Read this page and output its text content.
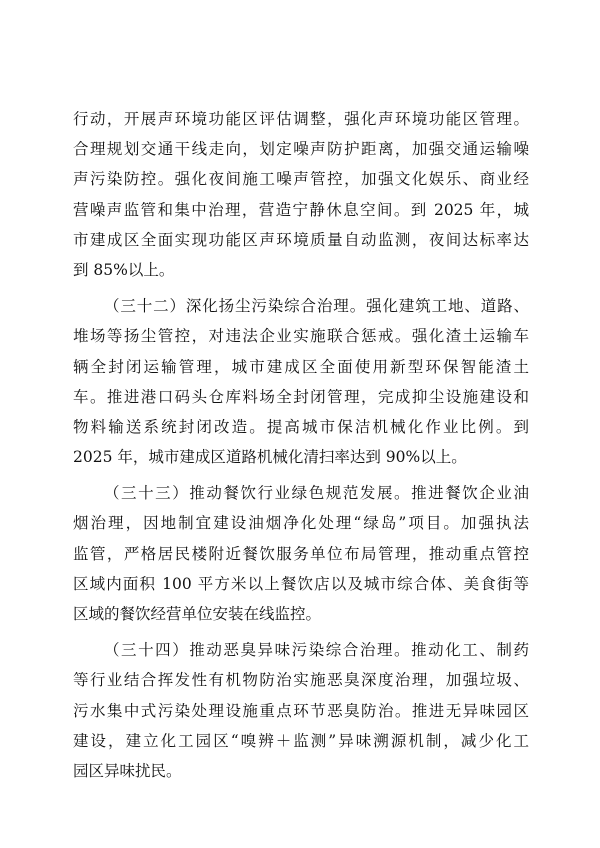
行动，开展声环境功能区评估调整，强化声环境功能区管理。
合理规划交通干线走向，划定噪声防护距离，加强交通运输噪
声污染防控。强化夜间施工噪声管控，加强文化娱乐、商业经
营噪声监管和集中治理，营造宁静休息空间。到 2025 年，城
市建成区全面实现功能区声环境质量自动监测，夜间达标率达
到 85%以上。
（三十二）深化扬尘污染综合治理。强化建筑工地、道路、
堆场等扬尘管控，对违法企业实施联合惩戒。强化渣土运输车
辆全封闭运输管理，城市建成区全面使用新型环保智能渣土
车。推进港口码头仓库料场全封闭管理，完成抑尘设施建设和
物料输送系统封闭改造。提高城市保洁机械化作业比例。到
2025 年，城市建成区道路机械化清扫率达到 90%以上。
（三十三）推动餐饮行业绿色规范发展。推进餐饮企业油
烟治理，因地制宜建设油烟净化处理“绿岛”项目。加强执法
监管，严格居民楼附近餐饮服务单位布局管理，推动重点管控
区域内面积 100 平方米以上餐饮店以及城市综合体、美食街等
区域的餐饮经营单位安装在线监控。
（三十四）推动恶臭异味污染综合治理。推动化工、制药
等行业结合挥发性有机物防治实施恶臭深度治理，加强垃圾、
污水集中式污染处理设施重点环节恶臭防治。推进无异味园区
建设，建立化工园区“嗅辨＋监测”异味溯源机制，减少化工
园区异味扰民。
